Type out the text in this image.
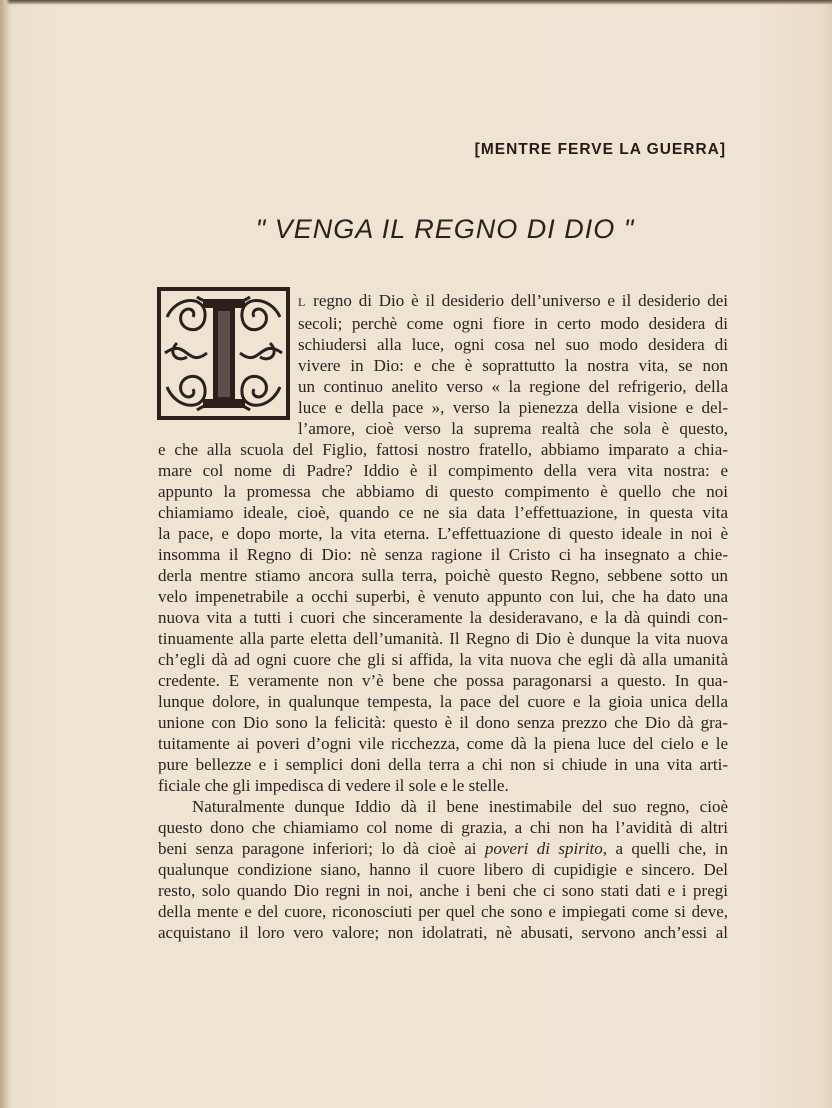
[MENTRE FERVE LA GUERRA]
" VENGA IL REGNO DI DIO "
L regno di Dio è il desiderio dell’universo e il desiderio dei
secoli; perchè come ogni fiore in certo modo desidera di
schiudersi alla luce, ogni cosa nel suo modo desidera di
vivere in Dio: e che è soprattutto la nostra vita, se non
un continuo anelito verso « la regione del refrigerio, della
luce e della pace », verso la pienezza della visione e del-
l’amore, cioè verso la suprema realtà che sola è questo,
e che alla scuola del Figlio, fattosi nostro fratello, abbiamo imparato a chia-
mare col nome di Padre? Iddio è il compimento della vera vita nostra: e
appunto la promessa che abbiamo di questo compimento è quello che noi
chiamiamo ideale, cioè, quando ce ne sia data l’effettuazione, in questa vita
la pace, e dopo morte, la vita eterna. L’effettuazione di questo ideale in noi è
insomma il Regno di Dio: nè senza ragione il Cristo ci ha insegnato a chie-
derla mentre stiamo ancora sulla terra, poichè questo Regno, sebbene sotto un
velo impenetrabile a occhi superbi, è venuto appunto con lui, che ha dato una
nuova vita a tutti i cuori che sinceramente la desideravano, e la dà quindi con-
tinuamente alla parte eletta dell’umanità. Il Regno di Dio è dunque la vita nuova
ch’egli dà ad ogni cuore che gli si affida, la vita nuova che egli dà alla umanità
credente. E veramente non v’è bene che possa paragonarsi a questo. In qua-
lunque dolore, in qualunque tempesta, la pace del cuore e la gioia unica della
unione con Dio sono la felicità: questo è il dono senza prezzo che Dio dà gra-
tuitamente ai poveri d’ogni vile ricchezza, come dà la piena luce del cielo e le
pure bellezze e i semplici doni della terra a chi non si chiude in una vita arti-
ficiale che gli impedisca di vedere il sole e le stelle.
Naturalmente dunque Iddio dà il bene inestimabile del suo regno, cioè
questo dono che chiamiamo col nome di grazia, a chi non ha l’avidità di altri
beni senza paragone inferiori; lo dà cioè ai poveri di spirito, a quelli che, in
qualunque condizione siano, hanno il cuore libero di cupidigie e sincero. Del
resto, solo quando Dio regni in noi, anche i beni che ci sono stati dati e i pregi
della mente e del cuore, riconosciuti per quel che sono e impiegati come si deve,
acquistano il loro vero valore; non idolatrati, nè abusati, servono anch’essi al
